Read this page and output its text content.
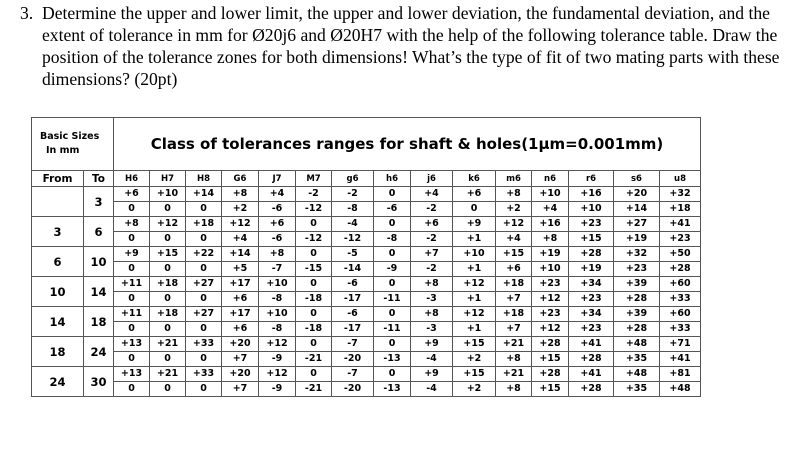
3. Determine the upper and lower limit, the upper and lower deviation, the fundamental deviation, and the extent of tolerance in mm for Ø20j6 and Ø20H7 with the help of the following tolerance table. Draw the position of the tolerance zones for both dimensions! What’s the type of fit of two mating parts with these dimensions? (20pt)
Basic Sizes
In mm		Class of tolerances ranges for shaft & holes(1µm=0.001mm)														
From	To	H6	H7	H8	G6	J7	M7	g6	h6	j6	k6	m6	n6	r6	s6	u8
	3	+6	+10	+14	+8	+4	-2	-2	0	+4	+6	+8	+10	+16	+20	+32
		0	0	0	+2	-6	-12	-8	-6	-2	0	+2	+4	+10	+14	+18
3	6	+8	+12	+18	+12	+6	0	-4	0	+6	+9	+12	+16	+23	+27	+41
		0	0	0	+4	-6	-12	-12	-8	-2	+1	+4	+8	+15	+19	+23
6	10	+9	+15	+22	+14	+8	0	-5	0	+7	+10	+15	+19	+28	+32	+50
		0	0	0	+5	-7	-15	-14	-9	-2	+1	+6	+10	+19	+23	+28
10	14	+11	+18	+27	+17	+10	0	-6	0	+8	+12	+18	+23	+34	+39	+60
		0	0	0	+6	-8	-18	-17	-11	-3	+1	+7	+12	+23	+28	+33
14	18	+11	+18	+27	+17	+10	0	-6	0	+8	+12	+18	+23	+34	+39	+60
		0	0	0	+6	-8	-18	-17	-11	-3	+1	+7	+12	+23	+28	+33
18	24	+13	+21	+33	+20	+12	0	-7	0	+9	+15	+21	+28	+41	+48	+71
		0	0	0	+7	-9	-21	-20	-13	-4	+2	+8	+15	+28	+35	+41
24	30	+13	+21	+33	+20	+12	0	-7	0	+9	+15	+21	+28	+41	+48	+81
		0	0	0	+7	-9	-21	-20	-13	-4	+2	+8	+15	+28	+35	+48
